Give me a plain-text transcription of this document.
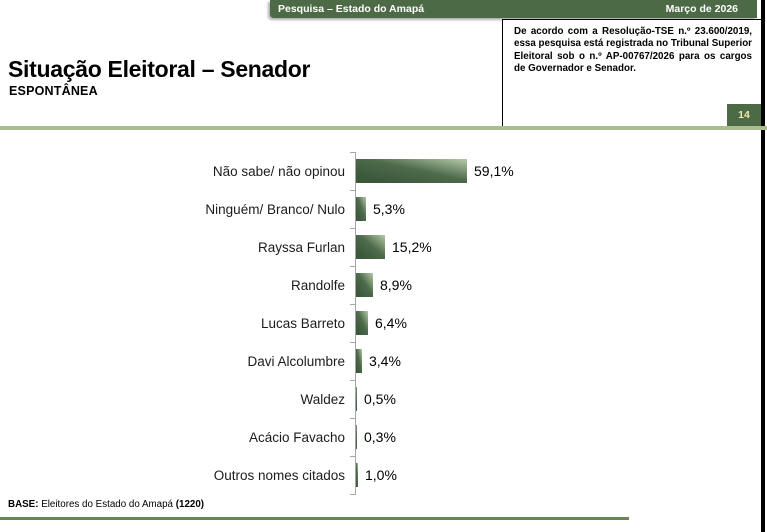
Pesquisa – Estado do Amapá	Março de 2026

De acordo com a Resolução-TSE n.º 23.600/2019, essa pesquisa está registrada no Tribunal Superior Eleitoral sob o n.º AP-00767/2026 para os cargos de Governador e Senador.

14
Situação Eleitoral – Senador
ESPONTÂNEA
Não sabe/ não opinou	59,1%
Ninguém/ Branco/ Nulo	5,3%
Rayssa Furlan	15,2%
Randolfe	8,9%
Lucas Barreto	6,4%
Davi Alcolumbre	3,4%
Waldez	0,5%
Acácio Favacho	0,3%
Outros nomes citados	1,0%
BASE: Eleitores do Estado do Amapá (1220)
